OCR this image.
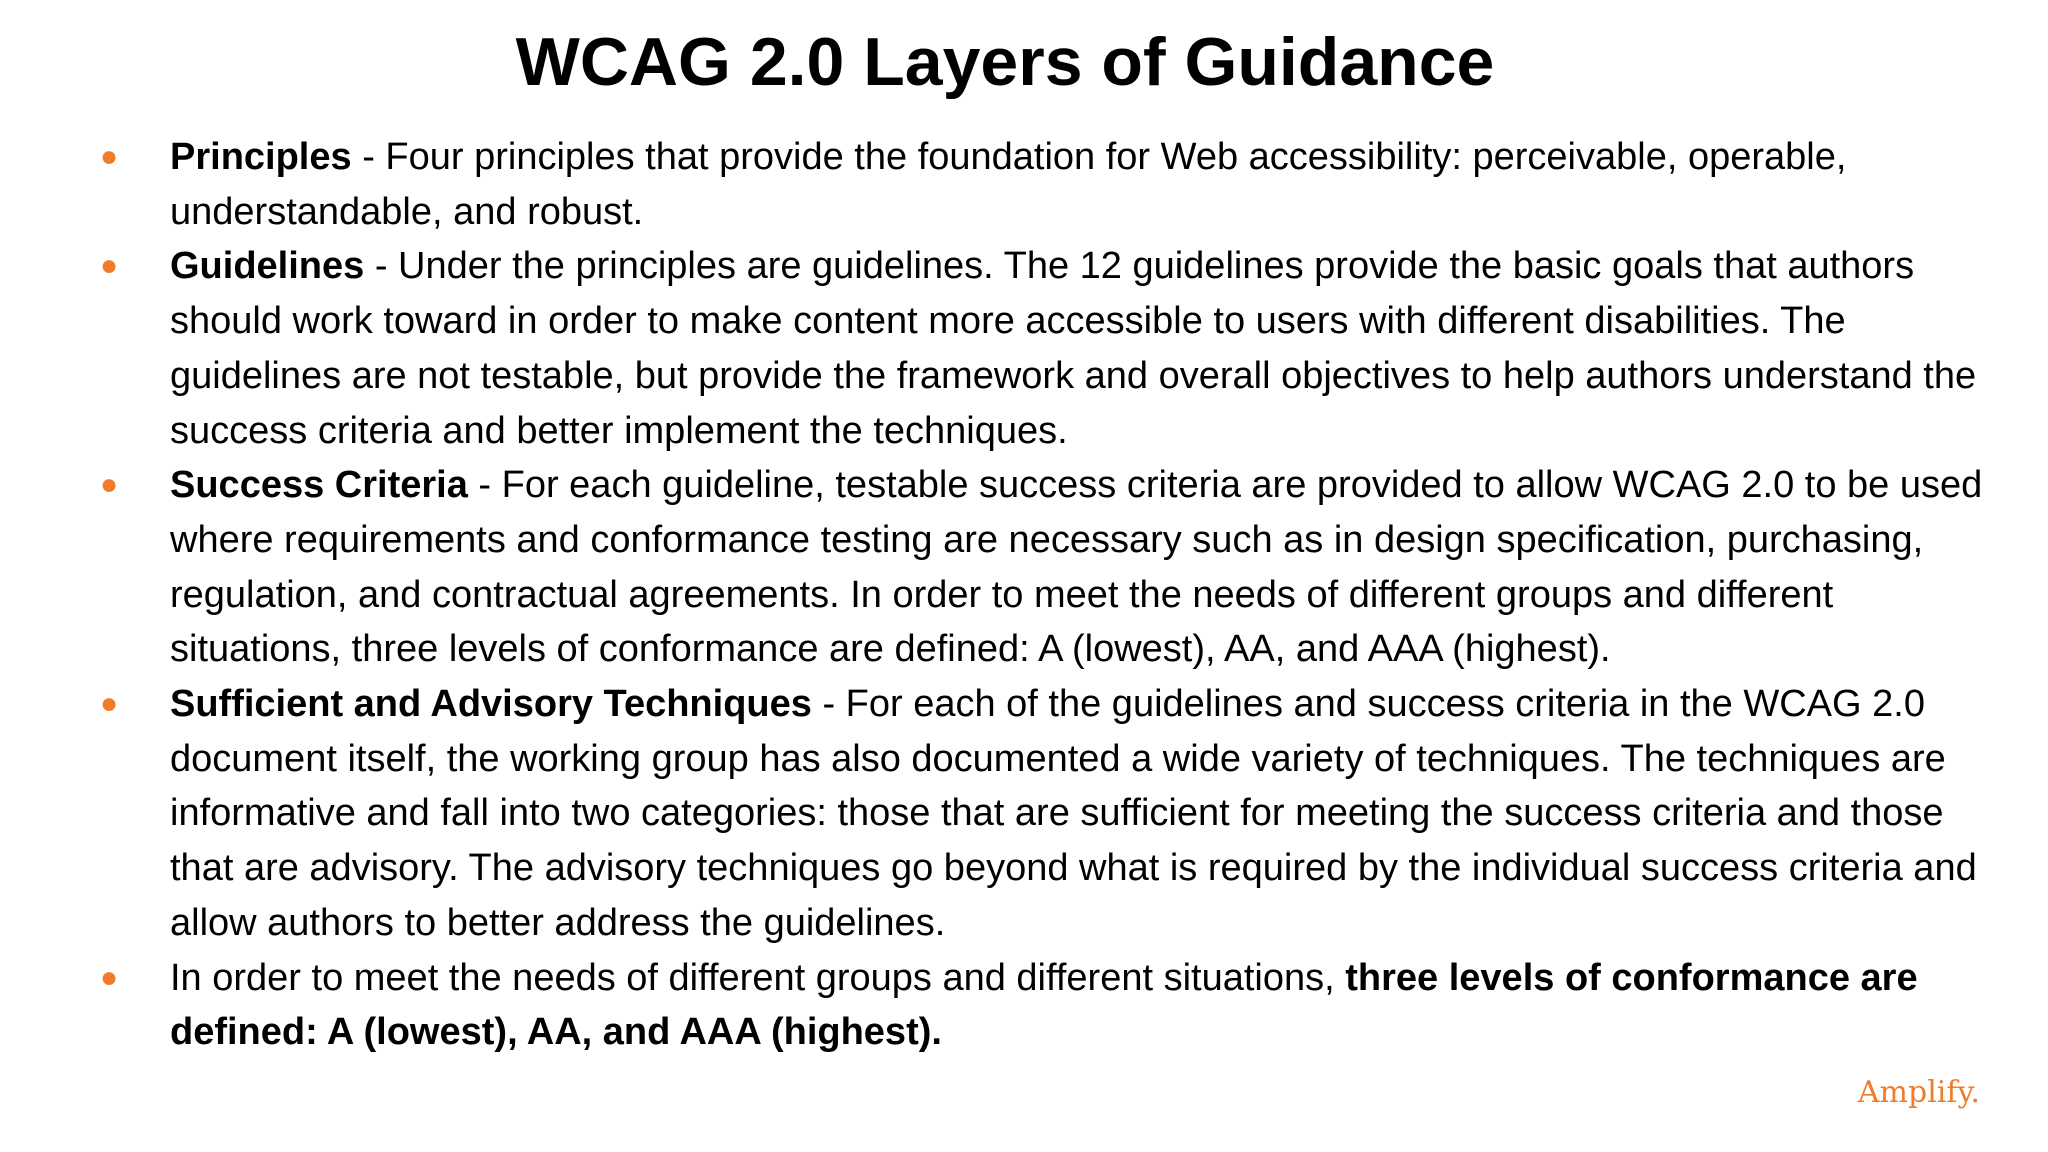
WCAG 2.0 Layers of Guidance
●	Principles - Four principles that provide the foundation for Web accessibility: perceivable, operable, understandable, and robust.
●	Guidelines - Under the principles are guidelines. The 12 guidelines provide the basic goals that authors should work toward in order to make content more accessible to users with different disabilities. The guidelines are not testable, but provide the framework and overall objectives to help authors understand the success criteria and better implement the techniques.
●	Success Criteria - For each guideline, testable success criteria are provided to allow WCAG 2.0 to be used where requirements and conformance testing are necessary such as in design specification, purchasing, regulation, and contractual agreements. In order to meet the needs of different groups and different situations, three levels of conformance are defined: A (lowest), AA, and AAA (highest).
●	Sufficient and Advisory Techniques - For each of the guidelines and success criteria in the WCAG 2.0 document itself, the working group has also documented a wide variety of techniques. The techniques are informative and fall into two categories: those that are sufficient for meeting the success criteria and those that are advisory. The advisory techniques go beyond what is required by the individual success criteria and allow authors to better address the guidelines.
●	In order to meet the needs of different groups and different situations, three levels of conformance are defined: A (lowest), AA, and AAA (highest).
Amplify.
